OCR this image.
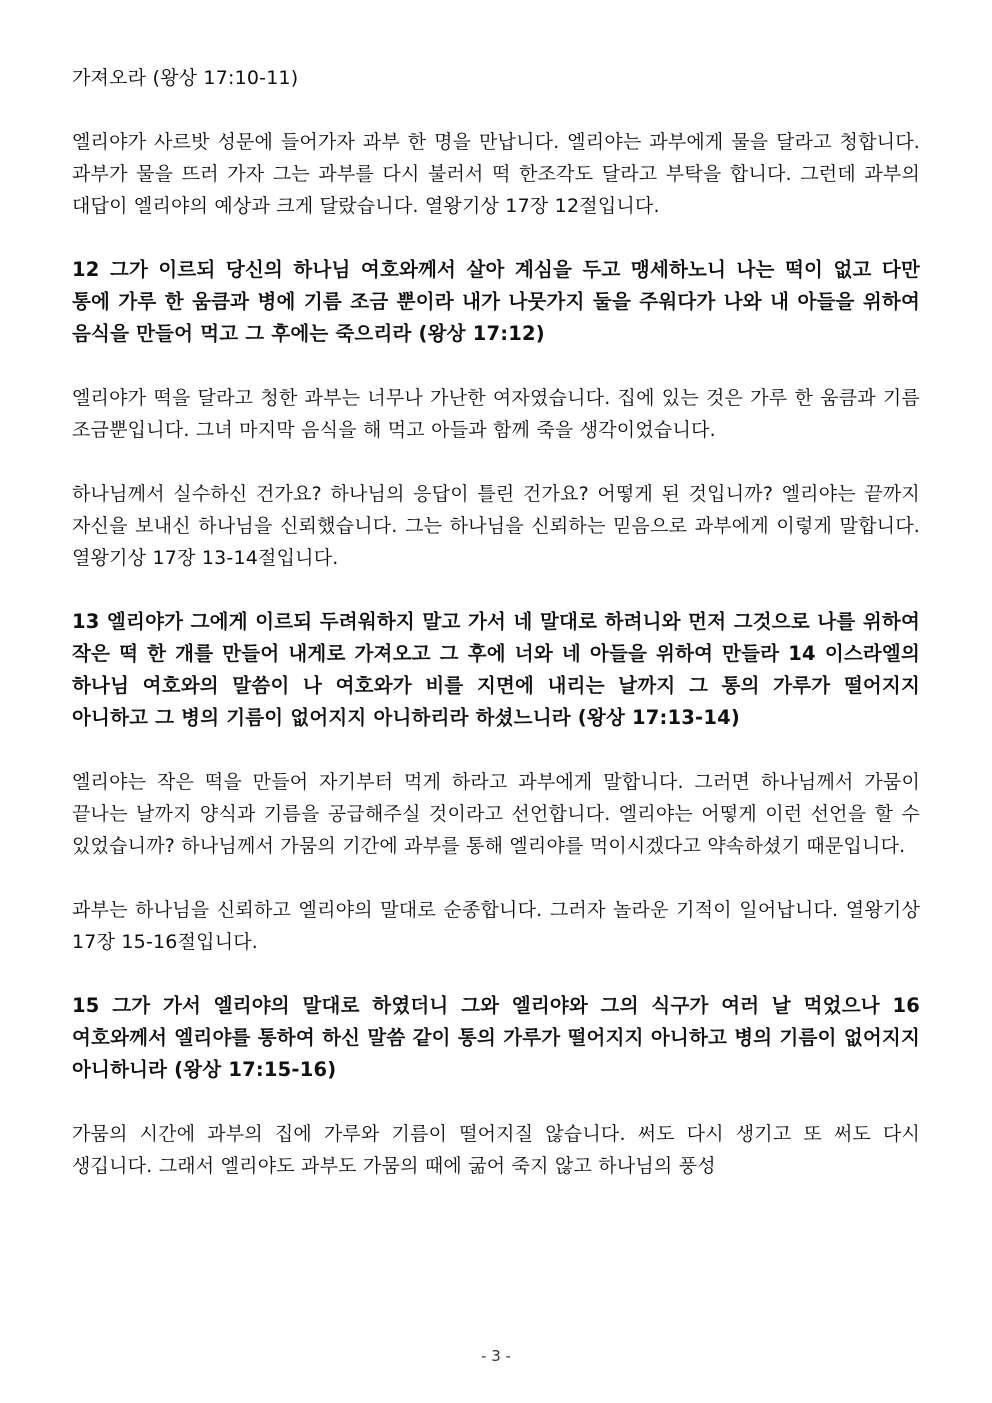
가져오라 (왕상 17:10-11)

엘리야가 사르밧 성문에 들어가자 과부 한 명을 만납니다. 엘리야는 과부에게 물을 달라고 청합니다. 과부가 물을 뜨러 가자 그는 과부를 다시 불러서 떡 한조각도 달라고 부탁을 합니다. 그런데 과부의 대답이 엘리야의 예상과 크게 달랐습니다. 열왕기상 17장 12절입니다.

12 그가 이르되 당신의 하나님 여호와께서 살아 계심을 두고 맹세하노니 나는 떡이 없고 다만 통에 가루 한 움큼과 병에 기름 조금 뿐이라 내가 나뭇가지 둘을 주워다가 나와 내 아들을 위하여 음식을 만들어 먹고 그 후에는 죽으리라 (왕상 17:12)

엘리야가 떡을 달라고 청한 과부는 너무나 가난한 여자였습니다. 집에 있는 것은 가루 한 움큼과 기름 조금뿐입니다. 그녀 마지막 음식을 해 먹고 아들과 함께 죽을 생각이었습니다.

하나님께서 실수하신 건가요? 하나님의 응답이 틀린 건가요? 어떻게 된 것입니까? 엘리야는 끝까지 자신을 보내신 하나님을 신뢰했습니다. 그는 하나님을 신뢰하는 믿음으로 과부에게 이렇게 말합니다. 열왕기상 17장 13-14절입니다.

13 엘리야가 그에게 이르되 두려워하지 말고 가서 네 말대로 하려니와 먼저 그것으로 나를 위하여 작은 떡 한 개를 만들어 내게로 가져오고 그 후에 너와 네 아들을 위하여 만들라 14 이스라엘의 하나님 여호와의 말씀이 나 여호와가 비를 지면에 내리는 날까지 그 통의 가루가 떨어지지 아니하고 그 병의 기름이 없어지지 아니하리라 하셨느니라 (왕상 17:13-14)

엘리야는 작은 떡을 만들어 자기부터 먹게 하라고 과부에게 말합니다. 그러면 하나님께서 가뭄이 끝나는 날까지 양식과 기름을 공급해주실 것이라고 선언합니다. 엘리야는 어떻게 이런 선언을 할 수 있었습니까? 하나님께서 가뭄의 기간에 과부를 통해 엘리야를 먹이시겠다고 약속하셨기 때문입니다.

과부는 하나님을 신뢰하고 엘리야의 말대로 순종합니다. 그러자 놀라운 기적이 일어납니다. 열왕기상 17장 15-16절입니다.

15 그가 가서 엘리야의 말대로 하였더니 그와 엘리야와 그의 식구가 여러 날 먹었으나 16 여호와께서 엘리야를 통하여 하신 말씀 같이 통의 가루가 떨어지지 아니하고 병의 기름이 없어지지 아니하니라 (왕상 17:15-16)

가뭄의 시간에 과부의 집에 가루와 기름이 떨어지질 않습니다. 써도 다시 생기고 또 써도 다시 생깁니다. 그래서 엘리야도 과부도 가뭄의 때에 굶어 죽지 않고 하나님의 풍성

- 3 -
